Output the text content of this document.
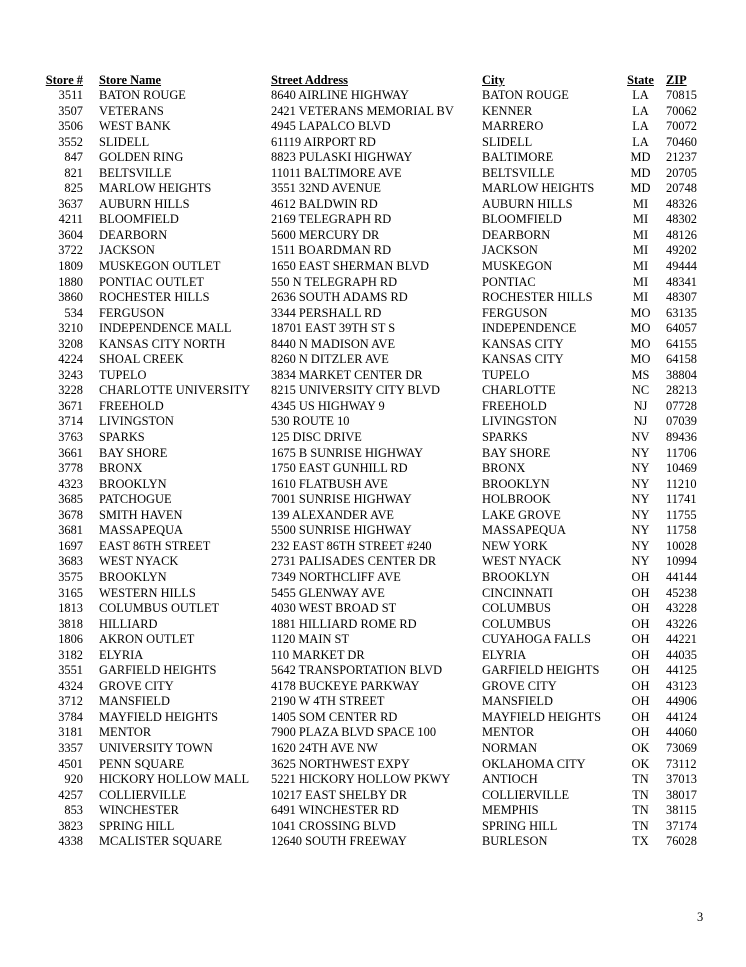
Store #		Store Name	Street Address	City	State	ZIP
3511		BATON ROUGE	8640 AIRLINE HIGHWAY	BATON ROUGE	LA	70815
3507		VETERANS	2421 VETERANS MEMORIAL BV	KENNER	LA	70062
3506		WEST BANK	4945 LAPALCO BLVD	MARRERO	LA	70072
3552		SLIDELL	61119 AIRPORT RD	SLIDELL	LA	70460
847		GOLDEN RING	8823 PULASKI HIGHWAY	BALTIMORE	MD	21237
821		BELTSVILLE	11011 BALTIMORE AVE	BELTSVILLE	MD	20705
825		MARLOW HEIGHTS	3551 32ND AVENUE	MARLOW HEIGHTS	MD	20748
3637		AUBURN HILLS	4612 BALDWIN RD	AUBURN HILLS	MI	48326
4211		BLOOMFIELD	2169 TELEGRAPH RD	BLOOMFIELD	MI	48302
3604		DEARBORN	5600 MERCURY DR	DEARBORN	MI	48126
3722		JACKSON	1511 BOARDMAN RD	JACKSON	MI	49202
1809		MUSKEGON OUTLET	1650 EAST SHERMAN BLVD	MUSKEGON	MI	49444
1880		PONTIAC OUTLET	550 N TELEGRAPH RD	PONTIAC	MI	48341
3860		ROCHESTER HILLS	2636 SOUTH ADAMS RD	ROCHESTER HILLS	MI	48307
534		FERGUSON	3344 PERSHALL RD	FERGUSON	MO	63135
3210		INDEPENDENCE MALL	18701 EAST 39TH ST S	INDEPENDENCE	MO	64057
3208		KANSAS CITY NORTH	8440 N MADISON AVE	KANSAS CITY	MO	64155
4224		SHOAL CREEK	8260 N DITZLER AVE	KANSAS CITY	MO	64158
3243		TUPELO	3834 MARKET CENTER DR	TUPELO	MS	38804
3228		CHARLOTTE UNIVERSITY	8215 UNIVERSITY CITY BLVD	CHARLOTTE	NC	28213
3671		FREEHOLD	4345 US HIGHWAY 9	FREEHOLD	NJ	07728
3714		LIVINGSTON	530 ROUTE 10	LIVINGSTON	NJ	07039
3763		SPARKS	125 DISC DRIVE	SPARKS	NV	89436
3661		BAY SHORE	1675 B SUNRISE HIGHWAY	BAY SHORE	NY	11706
3778		BRONX	1750 EAST GUNHILL RD	BRONX	NY	10469
4323		BROOKLYN	1610 FLATBUSH AVE	BROOKLYN	NY	11210
3685		PATCHOGUE	7001 SUNRISE HIGHWAY	HOLBROOK	NY	11741
3678		SMITH HAVEN	139 ALEXANDER AVE	LAKE GROVE	NY	11755
3681		MASSAPEQUA	5500 SUNRISE HIGHWAY	MASSAPEQUA	NY	11758
1697		EAST 86TH STREET	232 EAST 86TH STREET #240	NEW YORK	NY	10028
3683		WEST NYACK	2731 PALISADES CENTER DR	WEST NYACK	NY	10994
3575		BROOKLYN	7349 NORTHCLIFF AVE	BROOKLYN	OH	44144
3165		WESTERN HILLS	5455 GLENWAY AVE	CINCINNATI	OH	45238
1813		COLUMBUS OUTLET	4030 WEST BROAD ST	COLUMBUS	OH	43228
3818		HILLIARD	1881 HILLIARD ROME RD	COLUMBUS	OH	43226
1806		AKRON OUTLET	1120 MAIN ST	CUYAHOGA FALLS	OH	44221
3182		ELYRIA	110 MARKET DR	ELYRIA	OH	44035
3551		GARFIELD HEIGHTS	5642 TRANSPORTATION BLVD	GARFIELD HEIGHTS	OH	44125
4324		GROVE CITY	4178 BUCKEYE PARKWAY	GROVE CITY	OH	43123
3712		MANSFIELD	2190 W 4TH STREET	MANSFIELD	OH	44906
3784		MAYFIELD HEIGHTS	1405 SOM CENTER RD	MAYFIELD HEIGHTS	OH	44124
3181		MENTOR	7900 PLAZA BLVD SPACE 100	MENTOR	OH	44060
3357		UNIVERSITY TOWN	1620 24TH AVE NW	NORMAN	OK	73069
4501		PENN SQUARE	3625 NORTHWEST EXPY	OKLAHOMA CITY	OK	73112
920		HICKORY HOLLOW MALL	5221 HICKORY HOLLOW PKWY	ANTIOCH	TN	37013
4257		COLLIERVILLE	10217 EAST SHELBY DR	COLLIERVILLE	TN	38017
853		WINCHESTER	6491 WINCHESTER RD	MEMPHIS	TN	38115
3823		SPRING HILL	1041 CROSSING BLVD	SPRING HILL	TN	37174
4338		MCALISTER SQUARE	12640 SOUTH FREEWAY	BURLESON	TX	76028
3
